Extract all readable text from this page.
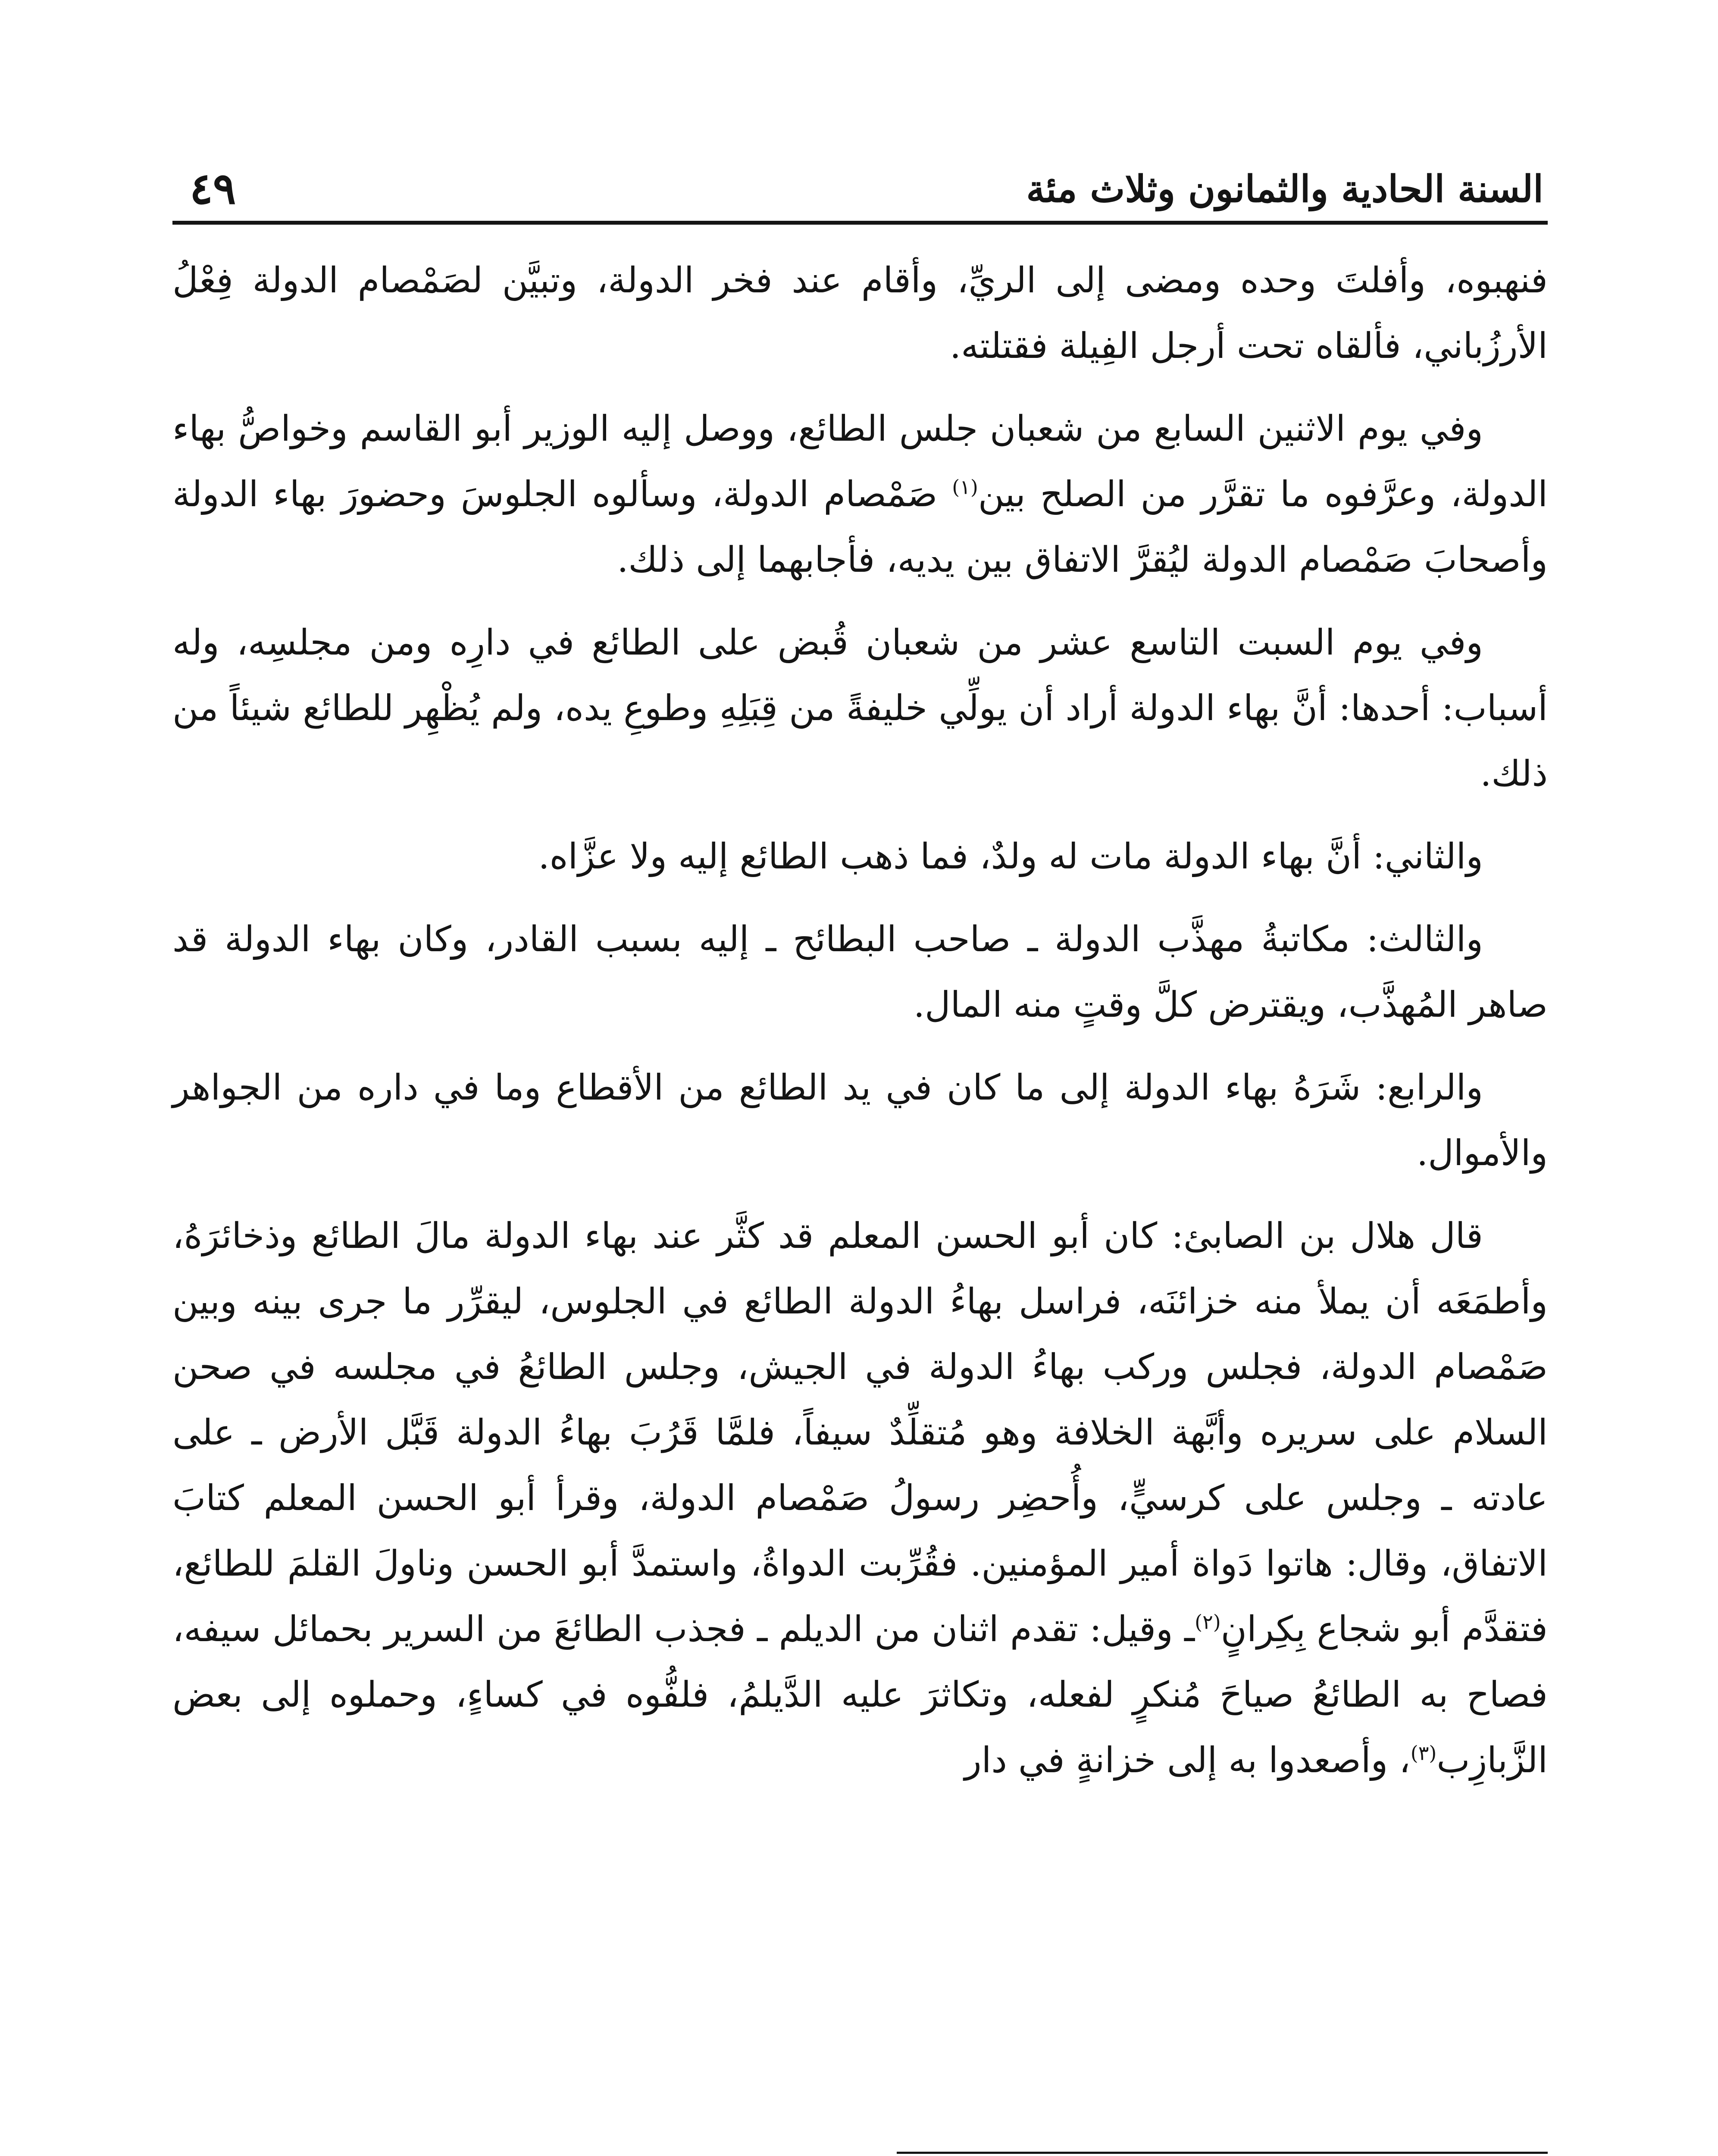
السنة الحادية والثمانون وثلاث مئة
٤٩

فنهبوه، وأفلتَ وحده ومضى إلى الريِّ، وأقام عند فخر الدولة، وتبيَّن لصَمْصام الدولة فِعْلُ الأرزُباني، فألقاه تحت أرجل الفِيلة فقتلته.

وفي يوم الاثنين السابع من شعبان جلس الطائع، ووصل إليه الوزير أبو القاسم وخواصُّ بهاء الدولة، وعرَّفوه ما تقرَّر من الصلح بين$^{(١)}$ صَمْصام الدولة، وسألوه الجلوسَ وحضورَ بهاء الدولة وأصحابَ صَمْصام الدولة ليُقرَّ الاتفاق بين يديه، فأجابهما إلى ذلك.

وفي يوم السبت التاسع عشر من شعبان قُبض على الطائع في دارِه ومن مجلسِه، وله أسباب: أحدها: أنَّ بهاء الدولة أراد أن يولِّي خليفةً من قِبَلِهِ وطوعِ يده، ولم يُظْهِر للطائع شيئاً من ذلك.

والثاني: أنَّ بهاء الدولة مات له ولدٌ، فما ذهب الطائع إليه ولا عزَّاه.

والثالث: مكاتبةُ مهذَّب الدولة ـ صاحب البطائح ـ إليه بسبب القادر، وكان بهاء الدولة قد صاهر المُهذَّب، ويقترض كلَّ وقتٍ منه المال.

والرابع: شَرَهُ بهاء الدولة إلى ما كان في يد الطائع من الأقطاع وما في داره من الجواهر والأموال.

قال هلال بن الصابئ: كان أبو الحسن المعلم قد كثَّر عند بهاء الدولة مالَ الطائع وذخائرَهُ، وأطمَعَه أن يملأ منه خزائنَه، فراسل بهاءُ الدولة الطائع في الجلوس، ليقرِّر ما جرى بينه وبين صَمْصام الدولة، فجلس وركب بهاءُ الدولة في الجيش، وجلس الطائعُ في مجلسه في صحن السلام على سريره وأبَّهة الخلافة وهو مُتقلِّدٌ سيفاً، فلمَّا قَرُبَ بهاءُ الدولة قَبَّل الأرض ـ على عادته ـ وجلس على كرسيٍّ، وأُحضِر رسولُ صَمْصام الدولة، وقرأ أبو الحسن المعلم كتابَ الاتفاق، وقال: هاتوا دَواة أمير المؤمنين. فقُرِّبت الدواةُ، واستمدَّ أبو الحسن وناولَ القلمَ للطائع، فتقدَّم أبو شجاع بِكِرانٍ$^{(٢)}$ـ وقيل: تقدم اثنان من الديلم ـ فجذب الطائعَ من السرير بحمائل سيفه، فصاح به الطائعُ صياحَ مُنكرٍ لفعله، وتكاثرَ عليه الدَّيلمُ، فلفُّوه في كساءٍ، وحملوه إلى بعض الزَّبازِب$^{(٣)}$، وأصعدوا به إلى خزانةٍ في دار
